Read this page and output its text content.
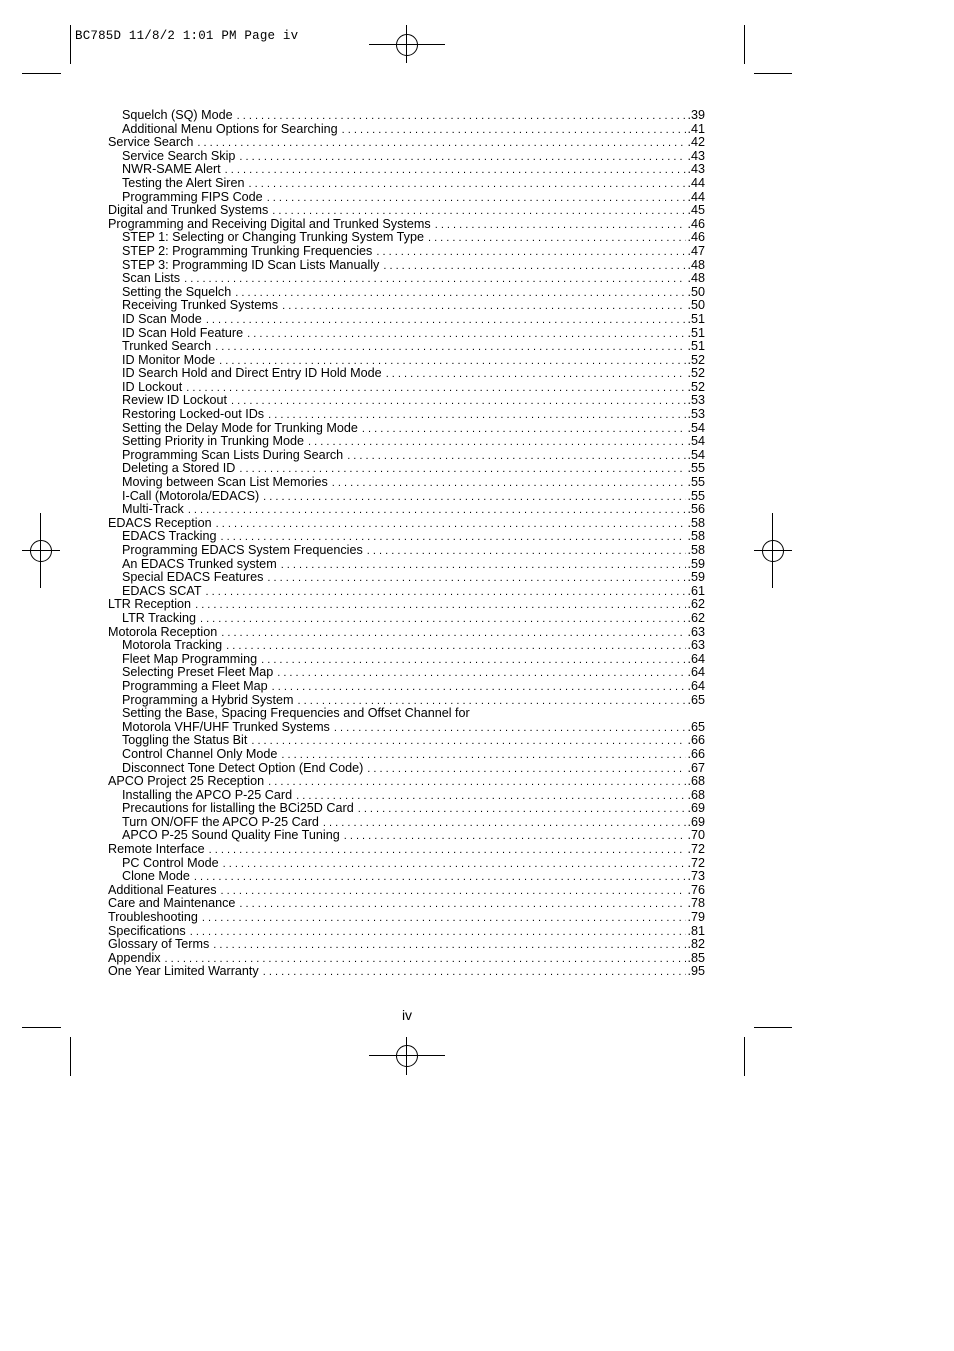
BC785D 11/8/2 1:01 PM Page iv
Squelch (SQ) Mode . . .	.39
Additional Menu Options for Searching . . .	.41
Service Search . . .	.42
Service Search Skip . . .	.43
NWR-SAME Alert . . .	.43
Testing the Alert Siren . . .	.44
Programming FIPS Code . . .	.44
Digital and Trunked Systems . . .	.45
Programming and Receiving Digital and Trunked Systems . . .	.46
STEP 1: Selecting or Changing Trunking System Type . . .	.46
STEP 2: Programming Trunking Frequencies . . .	.47
STEP 3: Programming ID Scan Lists Manually . . .	.48
Scan Lists . . .	.48
Setting the Squelch . . .	.50
Receiving Trunked Systems . . .	.50
ID Scan Mode . . .	.51
ID Scan Hold Feature . . .	.51
Trunked Search . . .	.51
ID Monitor Mode . . .	.52
ID Search Hold and Direct Entry ID Hold Mode . . .	.52
ID Lockout . . .	.52
Review ID Lockout . . .	.53
Restoring Locked-out IDs . . .	.53
Setting the Delay Mode for Trunking Mode . . .	.54
Setting Priority in Trunking Mode . . .	.54
Programming Scan Lists During Search . . .	.54
Deleting a Stored ID . . .	.55
Moving between Scan List Memories . . .	.55
I-Call (Motorola/EDACS) . . .	.55
Multi-Track . . .	.56
EDACS Reception . . .	.58
EDACS Tracking . . .	.58
Programming EDACS System Frequencies . . .	.58
An EDACS Trunked system . . .	.59
Special EDACS Features . . .	.59
EDACS SCAT . . .	.61
LTR Reception . . .	.62
LTR Tracking . . .	.62
Motorola Reception . . .	.63
Motorola Tracking . . .	.63
Fleet Map Programming . . .	.64
Selecting Preset Fleet Map . . .	.64
Programming a Fleet Map . . .	.64
Programming a Hybrid System . . .	.65
Setting the Base, Spacing Frequencies and Offset Channel for
Motorola VHF/UHF Trunked Systems . . .	.65
Toggling the Status Bit . . .	.66
Control Channel Only Mode . . .	.66
Disconnect Tone Detect Option (End Code) . . .	.67
APCO Project 25 Reception . . .	.68
Installing the APCO P-25 Card . . .	.68
Precautions for listalling the BCi25D Card . . .	.69
Turn ON/OFF the APCO P-25 Card . . .	.69
APCO P-25 Sound Quality Fine Tuning . . .	.70
Remote Interface . . .	.72
PC Control Mode . . .	.72
Clone Mode . . .	.73
Additional Features . . .	.76
Care and Maintenance . . .	.78
Troubleshooting . . .	.79
Specifications . . .	.81
Glossary of Terms . . .	.82
Appendix . . .	.85
One Year Limited Warranty . . .	.95
iv
